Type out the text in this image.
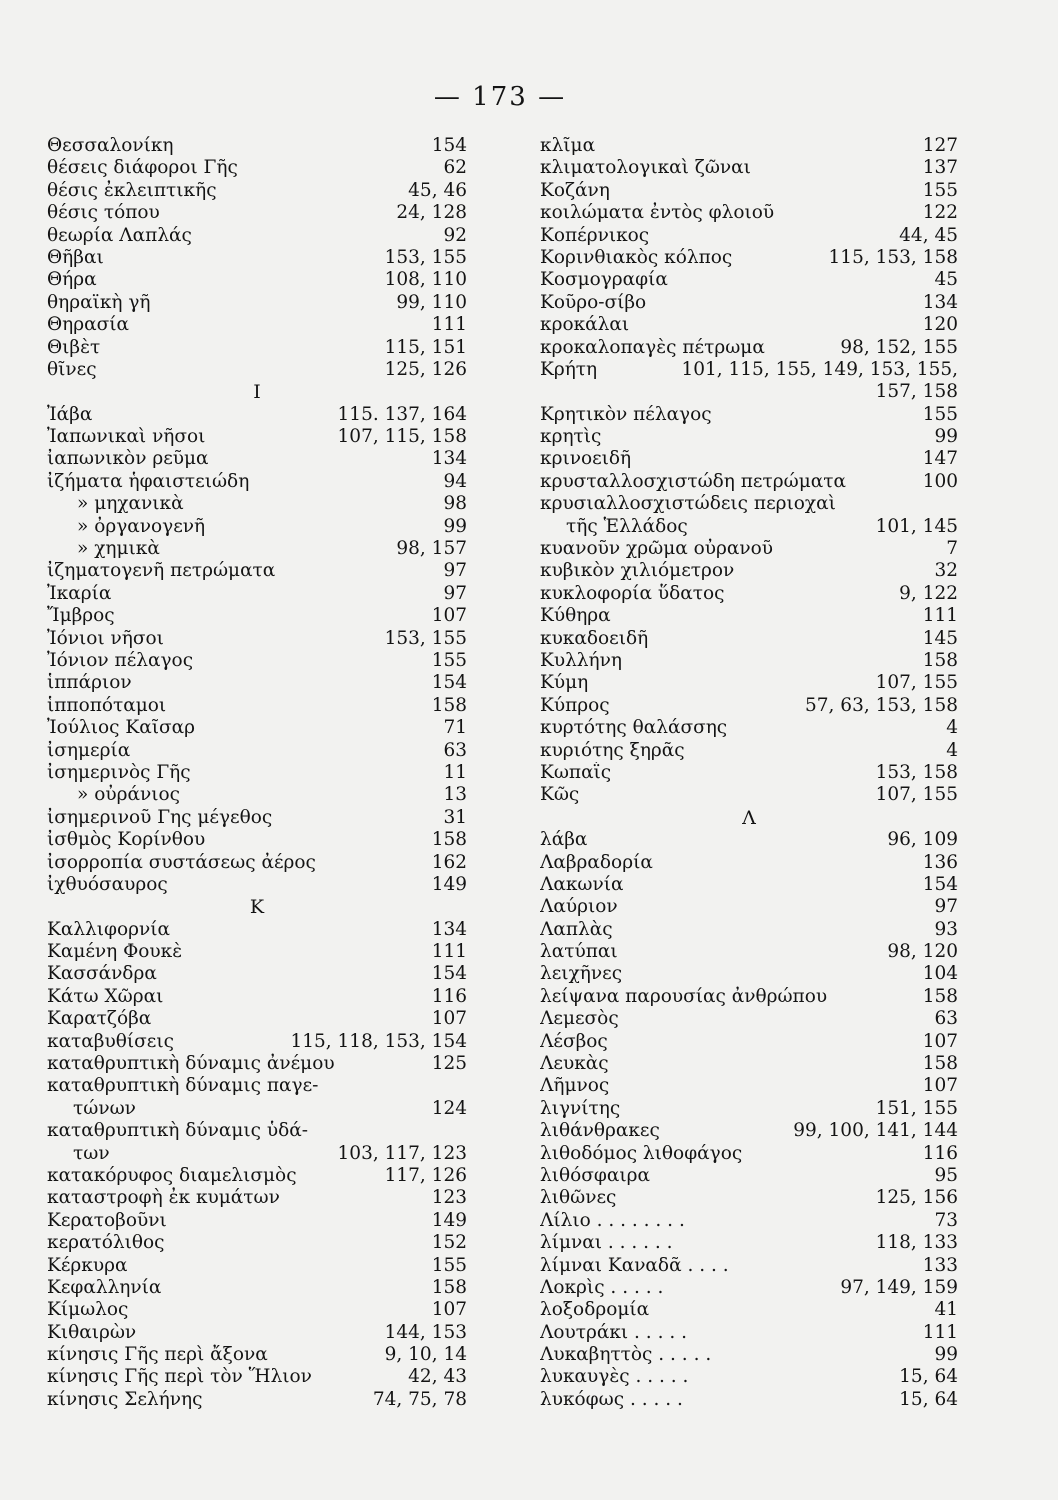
— 173 —
Θεσσαλονίκη	154
θέσεις διάφοροι Γῆς	62
θέσις ἐκλειπτικῆς	45, 46
θέσις τόπου	24, 128
θεωρία Λαπλάς	92
Θῆβαι	153, 155
Θήρα	108, 110
θηραϊκὴ γῆ	99, 110
Θηρασία	111
Θιβὲτ	115, 151
θῖνες	125, 126
Ι
Ἰάβα	115. 137, 164
Ἰαπωνικαὶ νῆσοι	107, 115, 158
ἰαπωνικὸν ρεῦμα	134
ἰζήματα ἡφαιστειώδη	94
» μηχανικὰ	98
» ὀργανογενῆ	99
» χημικὰ	98, 157
ἰζηματογενῆ πετρώματα	97
Ἰκαρία	97
Ἴμβρος	107
Ἰόνιοι νῆσοι	153, 155
Ἰόνιον πέλαγος	155
ἱππάριον	154
ἱπποπόταμοι	158
Ἰούλιος Καῖσαρ	71
ἰσημερία	63
ἰσημερινὸς Γῆς	11
» οὐράνιος	13
ἰσημερινοῦ Γης μέγεθος	31
ἰσθμὸς Κορίνθου	158
ἰσορροπία συστάσεως ἀέρος	162
ἰχθυόσαυρος	149
Κ
Καλλιφορνία	134
Καμένη Φουκὲ	111
Κασσάνδρα	154
Κάτω Χῶραι	116
Καρατζόβα	107
καταβυθίσεις	115, 118, 153, 154
καταθρυπτικὴ δύναμις ἀνέμου	125
καταθρυπτικὴ δύναμις παγε-
τώνων	124
καταθρυπτικὴ δύναμις ὑδά-
των	103, 117, 123
κατακόρυφος διαμελισμὸς	117, 126
καταστροφὴ ἐκ κυμάτων	123
Κερατοβοῦνι	149
κερατόλιθος	152
Κέρκυρα	155
Κεφαλληνία	158
Κίμωλος	107
Κιθαιρὼν	144, 153
κίνησις Γῆς περὶ ἄξονα	9, 10, 14
κίνησις Γῆς περὶ τὸν Ἥλιον	42, 43
κίνησις Σελήνης	74, 75, 78
κλῖμα	127
κλιματολογικαὶ ζῶναι	137
Κοζάνη	155
κοιλώματα ἐντὸς φλοιοῦ	122
Κοπέρνικος	44, 45
Κορινθιακὸς κόλπος	115, 153, 158
Κοσμογραφία	45
Κοῦρο-σίβο	134
κροκάλαι	120
κροκαλοπαγὲς πέτρωμα	98, 152, 155
Κρήτη	101, 115, 155, 149, 153, 155,
157, 158
Κρητικὸν πέλαγος	155
κρητὶς	99
κρινοειδῆ	147
κρυσταλλοσχιστώδη πετρώματα	100
κρυσιαλλοσχιστώδεις περιοχαὶ
τῆς Ἑλλάδος	101, 145
κυανοῦν χρῶμα οὐρανοῦ	7
κυβικὸν χιλιόμετρον	32
κυκλοφορία ὕδατος	9, 122
Κύθηρα	111
κυκαδοειδῆ	145
Κυλλήνη	158
Κύμη	107, 155
Κύπρος	57, 63, 153, 158
κυρτότης θαλάσσης	4
κυριότης ξηρᾶς	4
Κωπαΐς	153, 158
Κῶς	107, 155
Λ
λάβα	96, 109
Λαβραδορία	136
Λακωνία	154
Λαύριον	97
Λαπλὰς	93
λατύπαι	98, 120
λειχῆνες	104
λείψανα παρουσίας ἀνθρώπου	158
Λεμεσὸς	63
Λέσβος	107
Λευκὰς	158
Λῆμνος	107
λιγνίτης	151, 155
λιθάνθρακες	99, 100, 141, 144
λιθοδόμος λιθοφάγος	116
λιθόσφαιρα	95
λιθῶνες	125, 156
Λίλιο . . . . . . . .	73
λίμναι . . . . . .	118, 133
λίμναι Καναδᾶ . . . .	133
Λοκρὶς . . . . .	97, 149, 159
λοξοδρομία	41
Λουτράκι . . . . .	111
Λυκαβηττὸς . . . . .	99
λυκαυγὲς . . . . .	15, 64
λυκόφως . . . . .	15, 64
